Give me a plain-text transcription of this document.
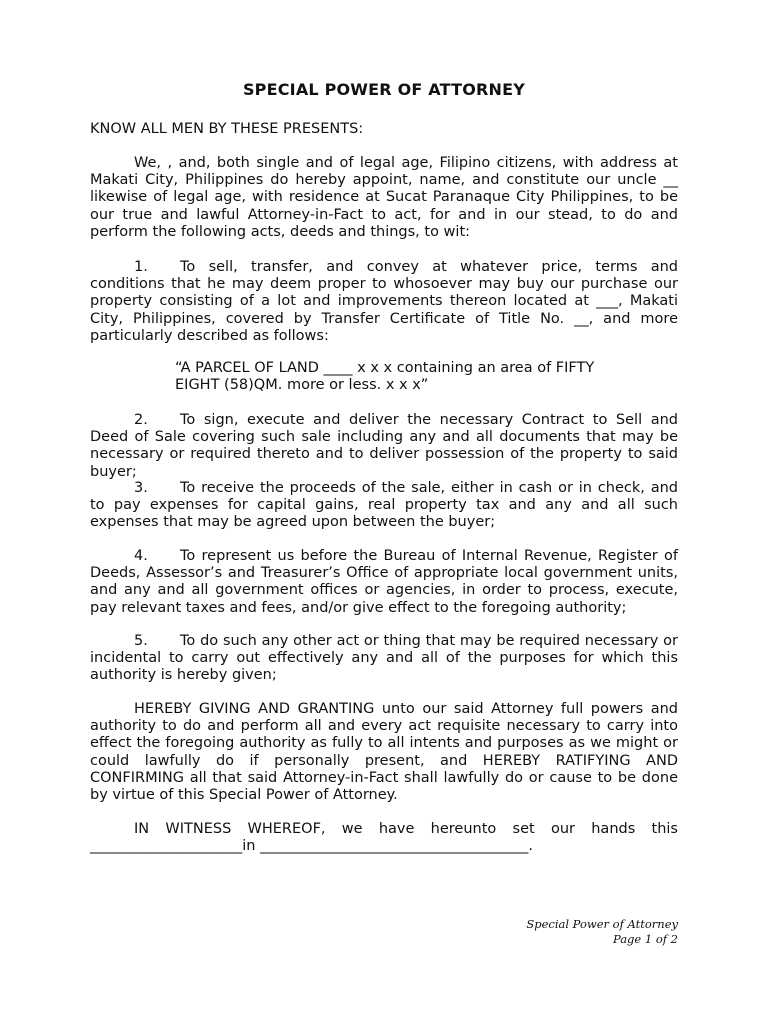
SPECIAL POWER OF ATTORNEY
KNOW ALL MEN BY THESE PRESENTS:
We, , and, both single and of legal age, Filipino citizens, with address at Makati City, Philippines do hereby appoint, name, and constitute our uncle __ likewise of legal age, with residence at Sucat Paranaque City Philippines, to be our true and lawful Attorney-in-Fact to act, for and in our stead, to do and perform the following acts, deeds and things, to wit:
1. To sell, transfer, and convey at whatever price, terms and conditions that he may deem proper to whosoever may buy our purchase our property consisting of a lot and improvements thereon located at ___, Makati City, Philippines, covered by Transfer Certificate of Title No. __, and more particularly described as follows:
“A PARCEL OF LAND ____ x x x containing an area of FIFTY
EIGHT (58)QM. more or less. x x x”
2. To sign, execute and deliver the necessary Contract to Sell and Deed of Sale covering such sale including any and all documents that may be necessary or required thereto and to deliver possession of the property to said buyer;
3. To receive the proceeds of the sale, either in cash or in check, and to pay expenses for capital gains, real property tax and any and all such expenses that may be agreed upon between the buyer;
4. To represent us before the Bureau of Internal Revenue, Register of Deeds, Assessor’s and Treasurer’s Office of appropriate local government units, and any and all government offices or agencies, in order to process, execute, pay relevant taxes and fees, and/or give effect to the foregoing authority;
5. To do such any other act or thing that may be required necessary or incidental to carry out effectively any and all of the purposes for which this authority is hereby given;
HEREBY GIVING AND GRANTING unto our said Attorney full powers and authority to do and perform all and every act requisite necessary to carry into effect the foregoing authority as fully to all intents and purposes as we might or could lawfully do if personally present, and HEREBY RATIFYING AND CONFIRMING all that said Attorney-in-Fact shall lawfully do or cause to be done by virtue of this Special Power of Attorney.
IN WITNESS WHEREOF, we have hereunto set our hands this _____________________in _____________________________________.
Special Power of Attorney
Page 1 of 2
